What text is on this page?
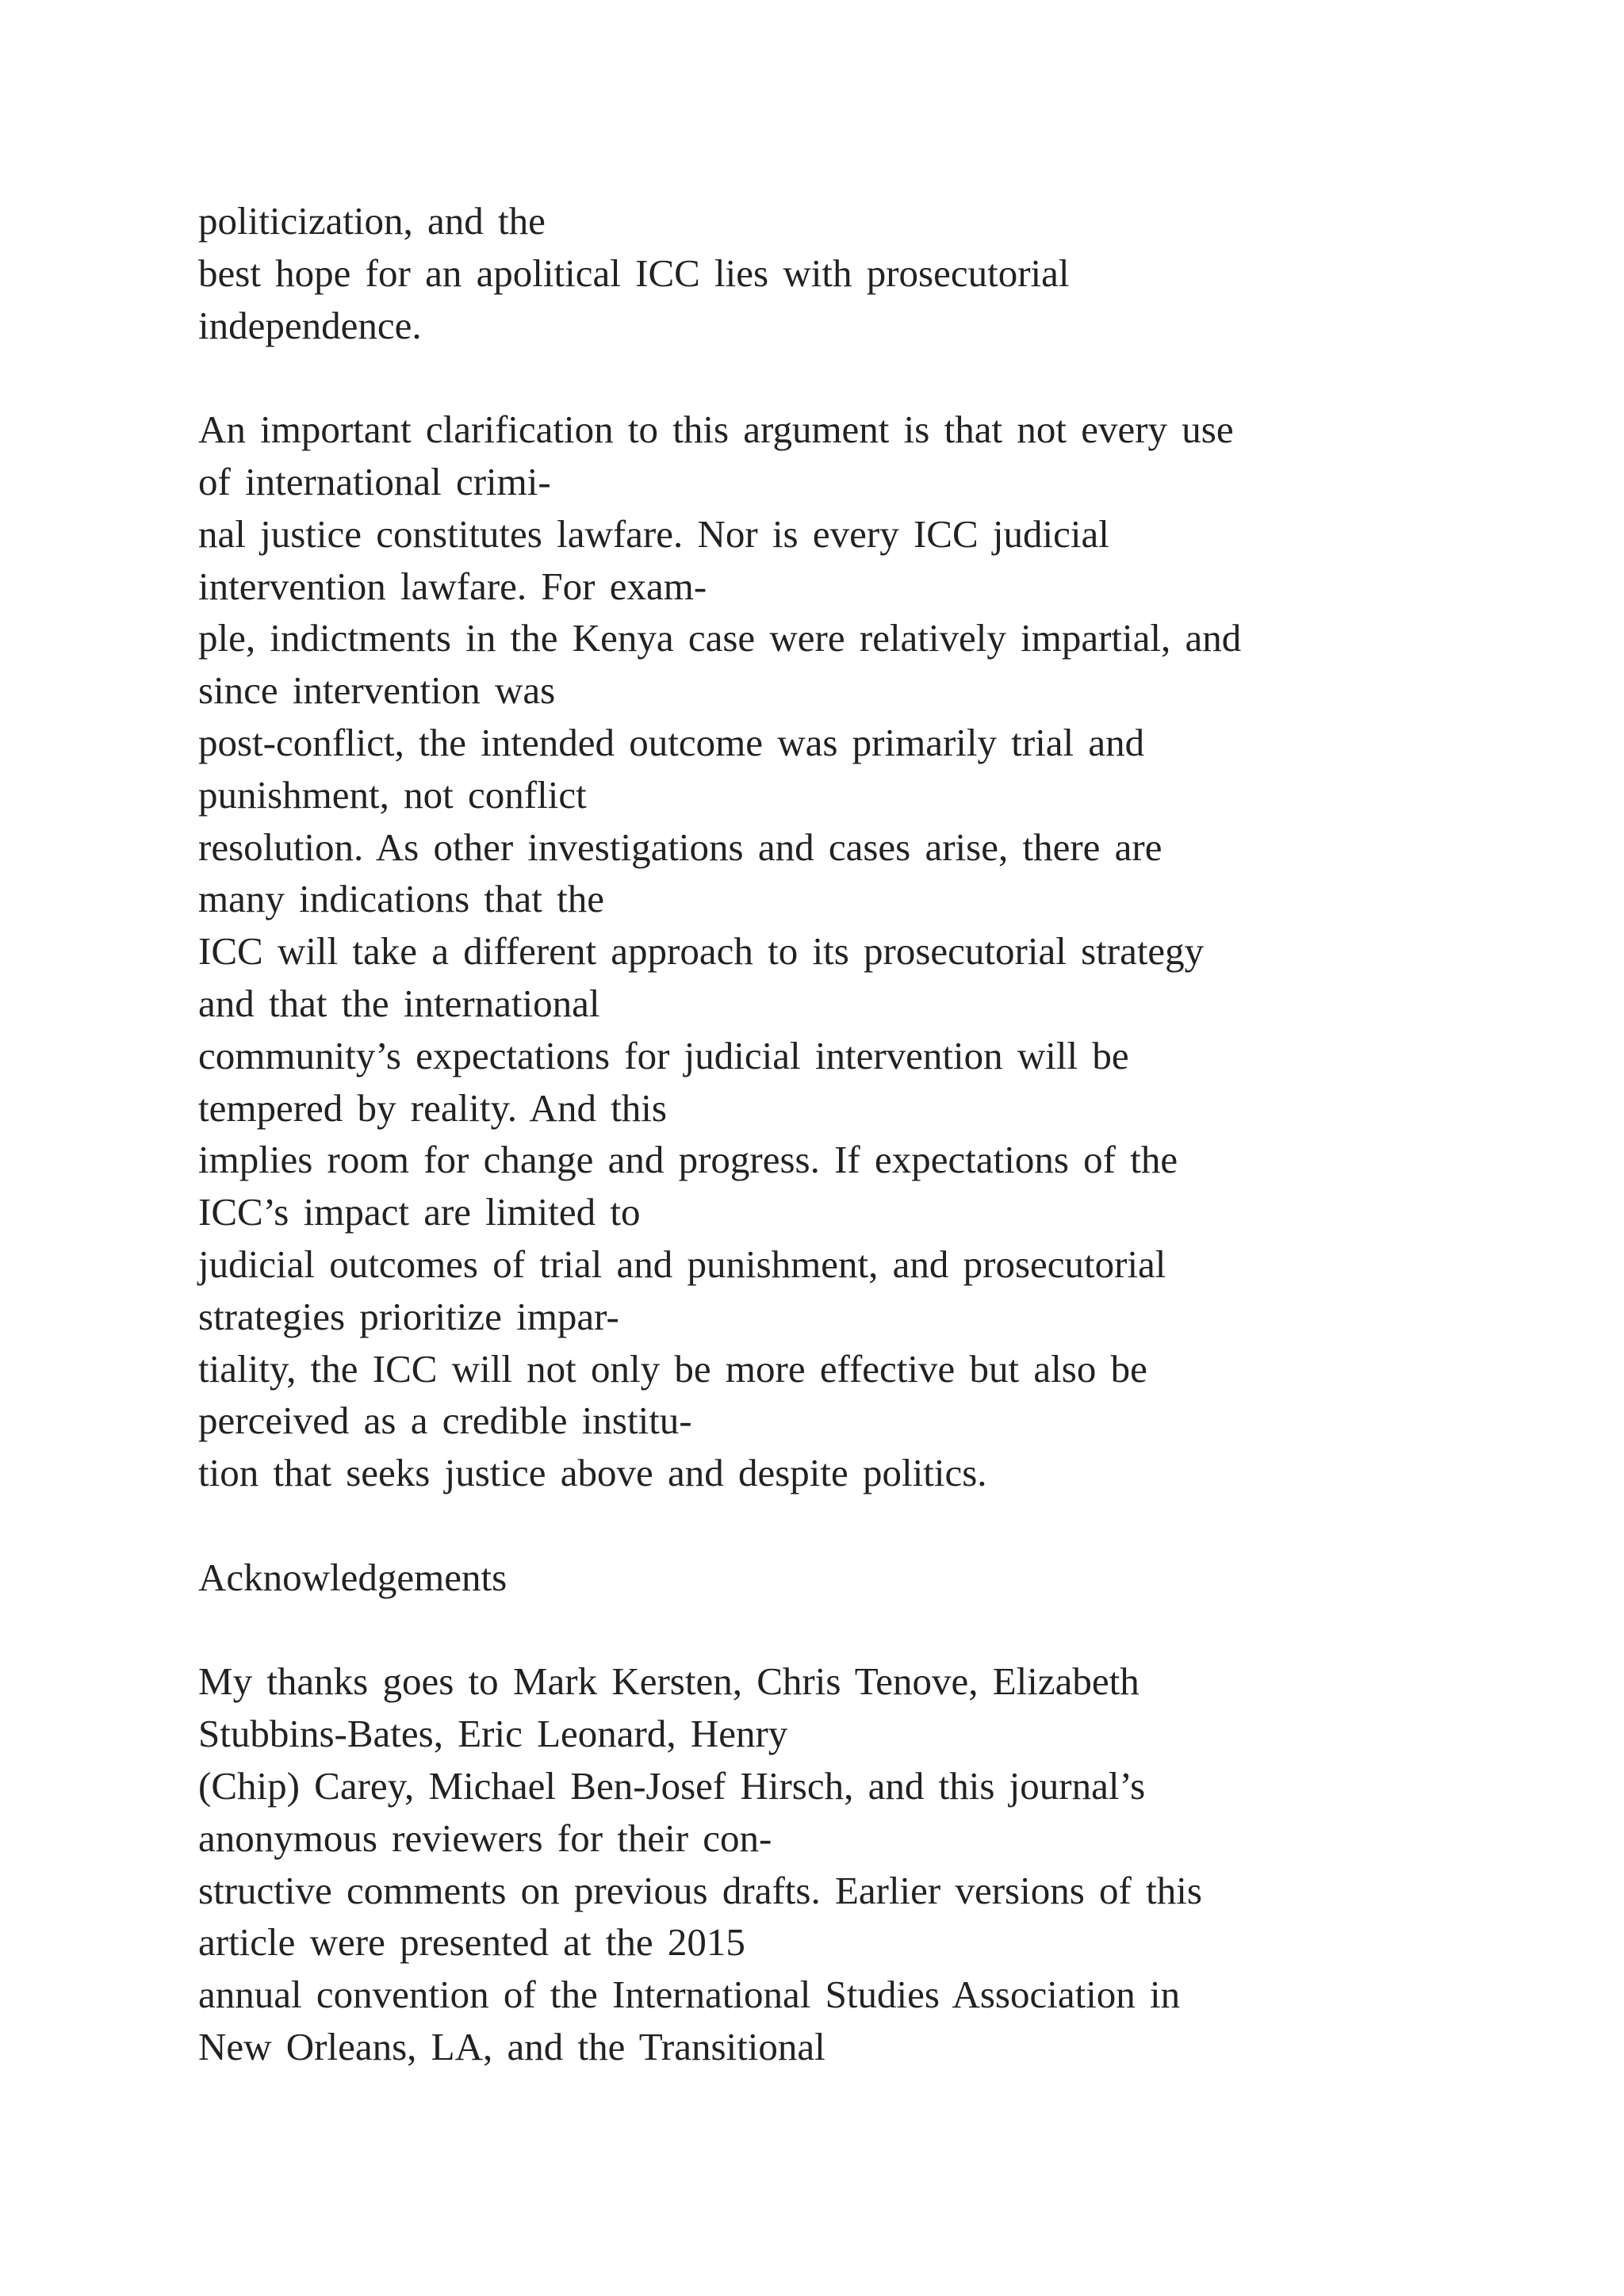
politicization, and the
best hope for an apolitical ICC lies with prosecutorial
independence.
An important clarification to this argument is that not every use
of international crimi-
nal justice constitutes lawfare. Nor is every ICC judicial
intervention lawfare. For exam-
ple, indictments in the Kenya case were relatively impartial, and
since intervention was
post-conflict, the intended outcome was primarily trial and
punishment, not conflict
resolution. As other investigations and cases arise, there are
many indications that the
ICC will take a different approach to its prosecutorial strategy
and that the international
community’s expectations for judicial intervention will be
tempered by reality. And this
implies room for change and progress. If expectations of the
ICC’s impact are limited to
judicial outcomes of trial and punishment, and prosecutorial
strategies prioritize impar-
tiality, the ICC will not only be more effective but also be
perceived as a credible institu-
tion that seeks justice above and despite politics.
Acknowledgements
My thanks goes to Mark Kersten, Chris Tenove, Elizabeth
Stubbins-Bates, Eric Leonard, Henry
(Chip) Carey, Michael Ben-Josef Hirsch, and this journal’s
anonymous reviewers for their con-
structive comments on previous drafts. Earlier versions of this
article were presented at the 2015
annual convention of the International Studies Association in
New Orleans, LA, and the Transitional
